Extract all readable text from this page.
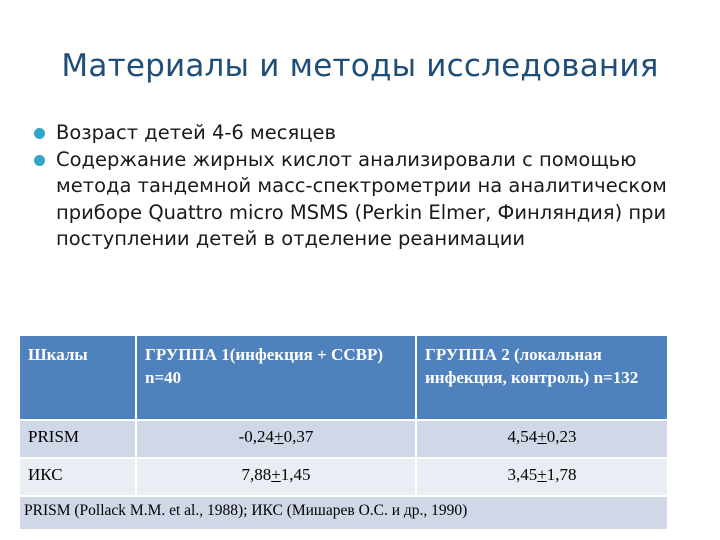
Материалы и методы исследования
Возраст детей 4-6 месяцев
Содержание жирных кислот анализировали с помощью метода тандемной масс-спектрометрии на аналитическом приборе Quattro micro MSMS (Perkin Elmer, Финляндия) при поступлении детей в отделение реанимации
Шкалы	ГРУППА 1(инфекция + ССВР) n=40	ГРУППА 2 (локальная инфекция, контроль) n=132
PRISM	-0,24+0,37	4,54+0,23
ИКС	7,88+1,45	3,45+1,78
PRISM (Pollack M.M. et al., 1988); ИКС (Мишарев О.С. и др., 1990)		
